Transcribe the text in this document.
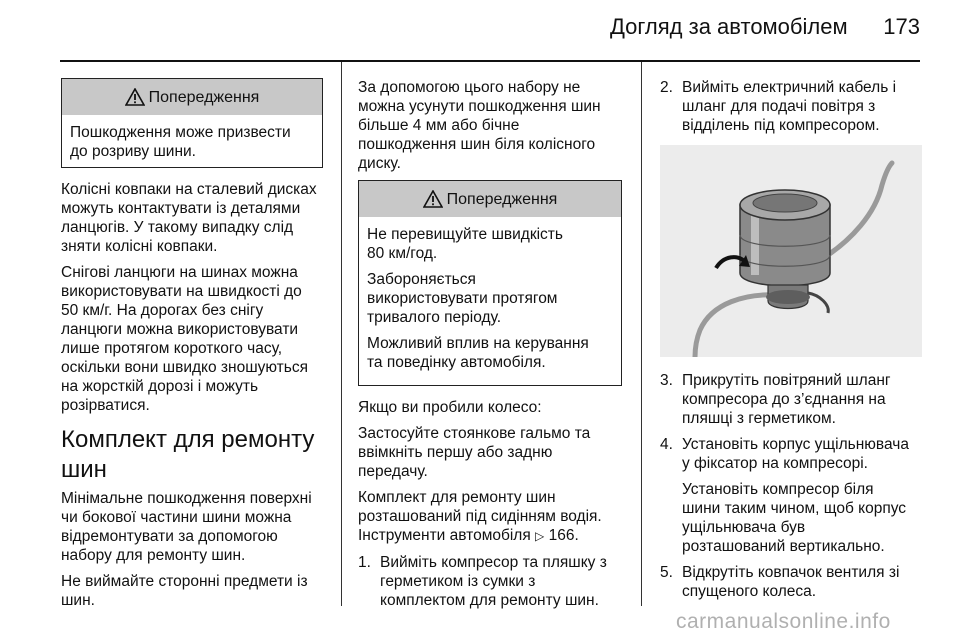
Догляд за автомобілем 173
Попередження
Пошкодження може призвести
до розриву шини.

Колісні ковпаки на сталевий дисках
можуть контактувати із деталями
ланцюгів. У такому випадку слід
зняти колісні ковпаки.

Снігові ланцюги на шинах можна
використовувати на швидкості до
50 км/г. На дорогах без снігу
ланцюги можна використовувати
лише протягом короткого часу,
оскільки вони швидко зношуються
на жорсткій дорозі і можуть
розірватися.

Комплект для ремонту
шин

Мінімальне пошкодження поверхні
чи бокової частини шини можна
відремонтувати за допомогою
набору для ремонту шин.

Не виймайте сторонні предмети із
шин.

За допомогою цього набору не
можна усунути пошкодження шин
більше 4 мм або бічне
пошкодження шин біля колісного
диску.

Попередження

Не перевищуйте швидкість
80 км/год.

Забороняється
використовувати протягом
тривалого періоду.

Можливий вплив на керування
та поведінку автомобіля.

Якщо ви пробили колесо:

Застосуйте стоянкове гальмо та
ввімкніть першу або задню
передачу.

Комплект для ремонту шин
розташований під сидінням водія.
Інструменти автомобіля ▷ 166.

1. Вийміть компресор та пляшку з
герметиком із сумки з
комплектом для ремонту шин.
2. Вийміть електричний кабель і
шланг для подачі повітря з
відділень під компресором.
3. Прикрутіть повітряний шланг
компресора до з’єднання на
пляшці з герметиком.
4. Установіть корпус ущільнювача
у фіксатор на компресорі.

Установіть компресор біля
шини таким чином, щоб корпус
ущільнювача був
розташований вертикально.

5. Відкрутіть ковпачок вентиля зі
спущеного колеса.
carmanualsonline.info
